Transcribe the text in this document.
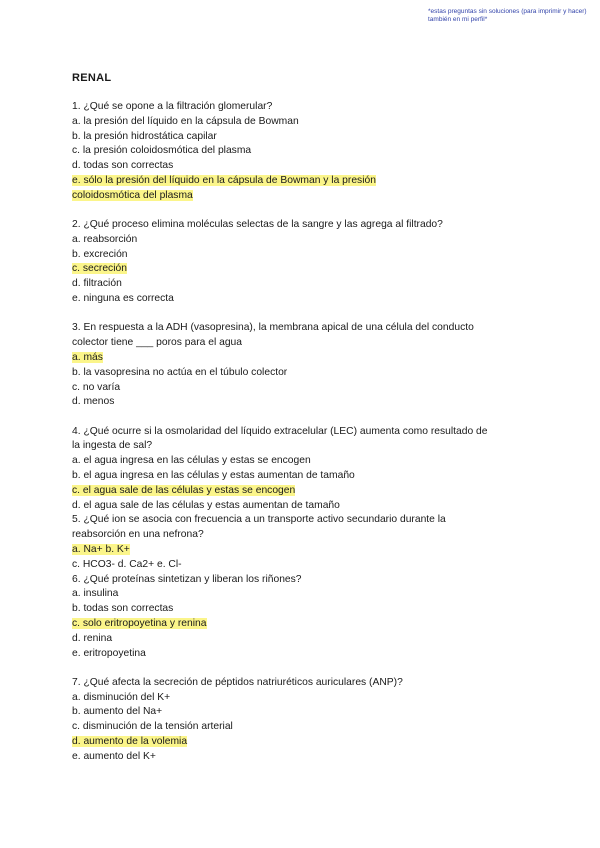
*estas preguntas sin soluciones (para imprimir y hacer) también en mi perfil*
RENAL
1. ¿Qué se opone a la filtración glomerular?
a. la presión del líquido en la cápsula de Bowman
b. la presión hidrostática capilar
c. la presión coloidosmótica del plasma
d. todas son correctas
e. sólo la presión del líquido en la cápsula de Bowman y la presión
coloidosmótica del plasma
2. ¿Qué proceso elimina moléculas selectas de la sangre y las agrega al filtrado?
a. reabsorción
b. excreción
c. secreción
d. filtración
e. ninguna es correcta
3. En respuesta a la ADH (vasopresina), la membrana apical de una célula del conducto
colector tiene ___ poros para el agua
a. más
b. la vasopresina no actúa en el túbulo colector
c. no varía
d. menos
4. ¿Qué ocurre si la osmolaridad del líquido extracelular (LEC) aumenta como resultado de
la ingesta de sal?
a. el agua ingresa en las células y estas se encogen
b. el agua ingresa en las células y estas aumentan de tamaño
c. el agua sale de las células y estas se encogen
d. el agua sale de las células y estas aumentan de tamaño
5. ¿Qué ion se asocia con frecuencia a un transporte activo secundario durante la
reabsorción en una nefrona?
a. Na+ b. K+
c. HCO3- d. Ca2+ e. Cl-
6. ¿Qué proteínas sintetizan y liberan los riñones?
a. insulina
b. todas son correctas
c. solo eritropoyetina y renina
d. renina
e. eritropoyetina
7. ¿Qué afecta la secreción de péptidos natriuréticos auriculares (ANP)?
a. disminución del K+
b. aumento del Na+
c. disminución de la tensión arterial
d. aumento de la volemia
e. aumento del K+
